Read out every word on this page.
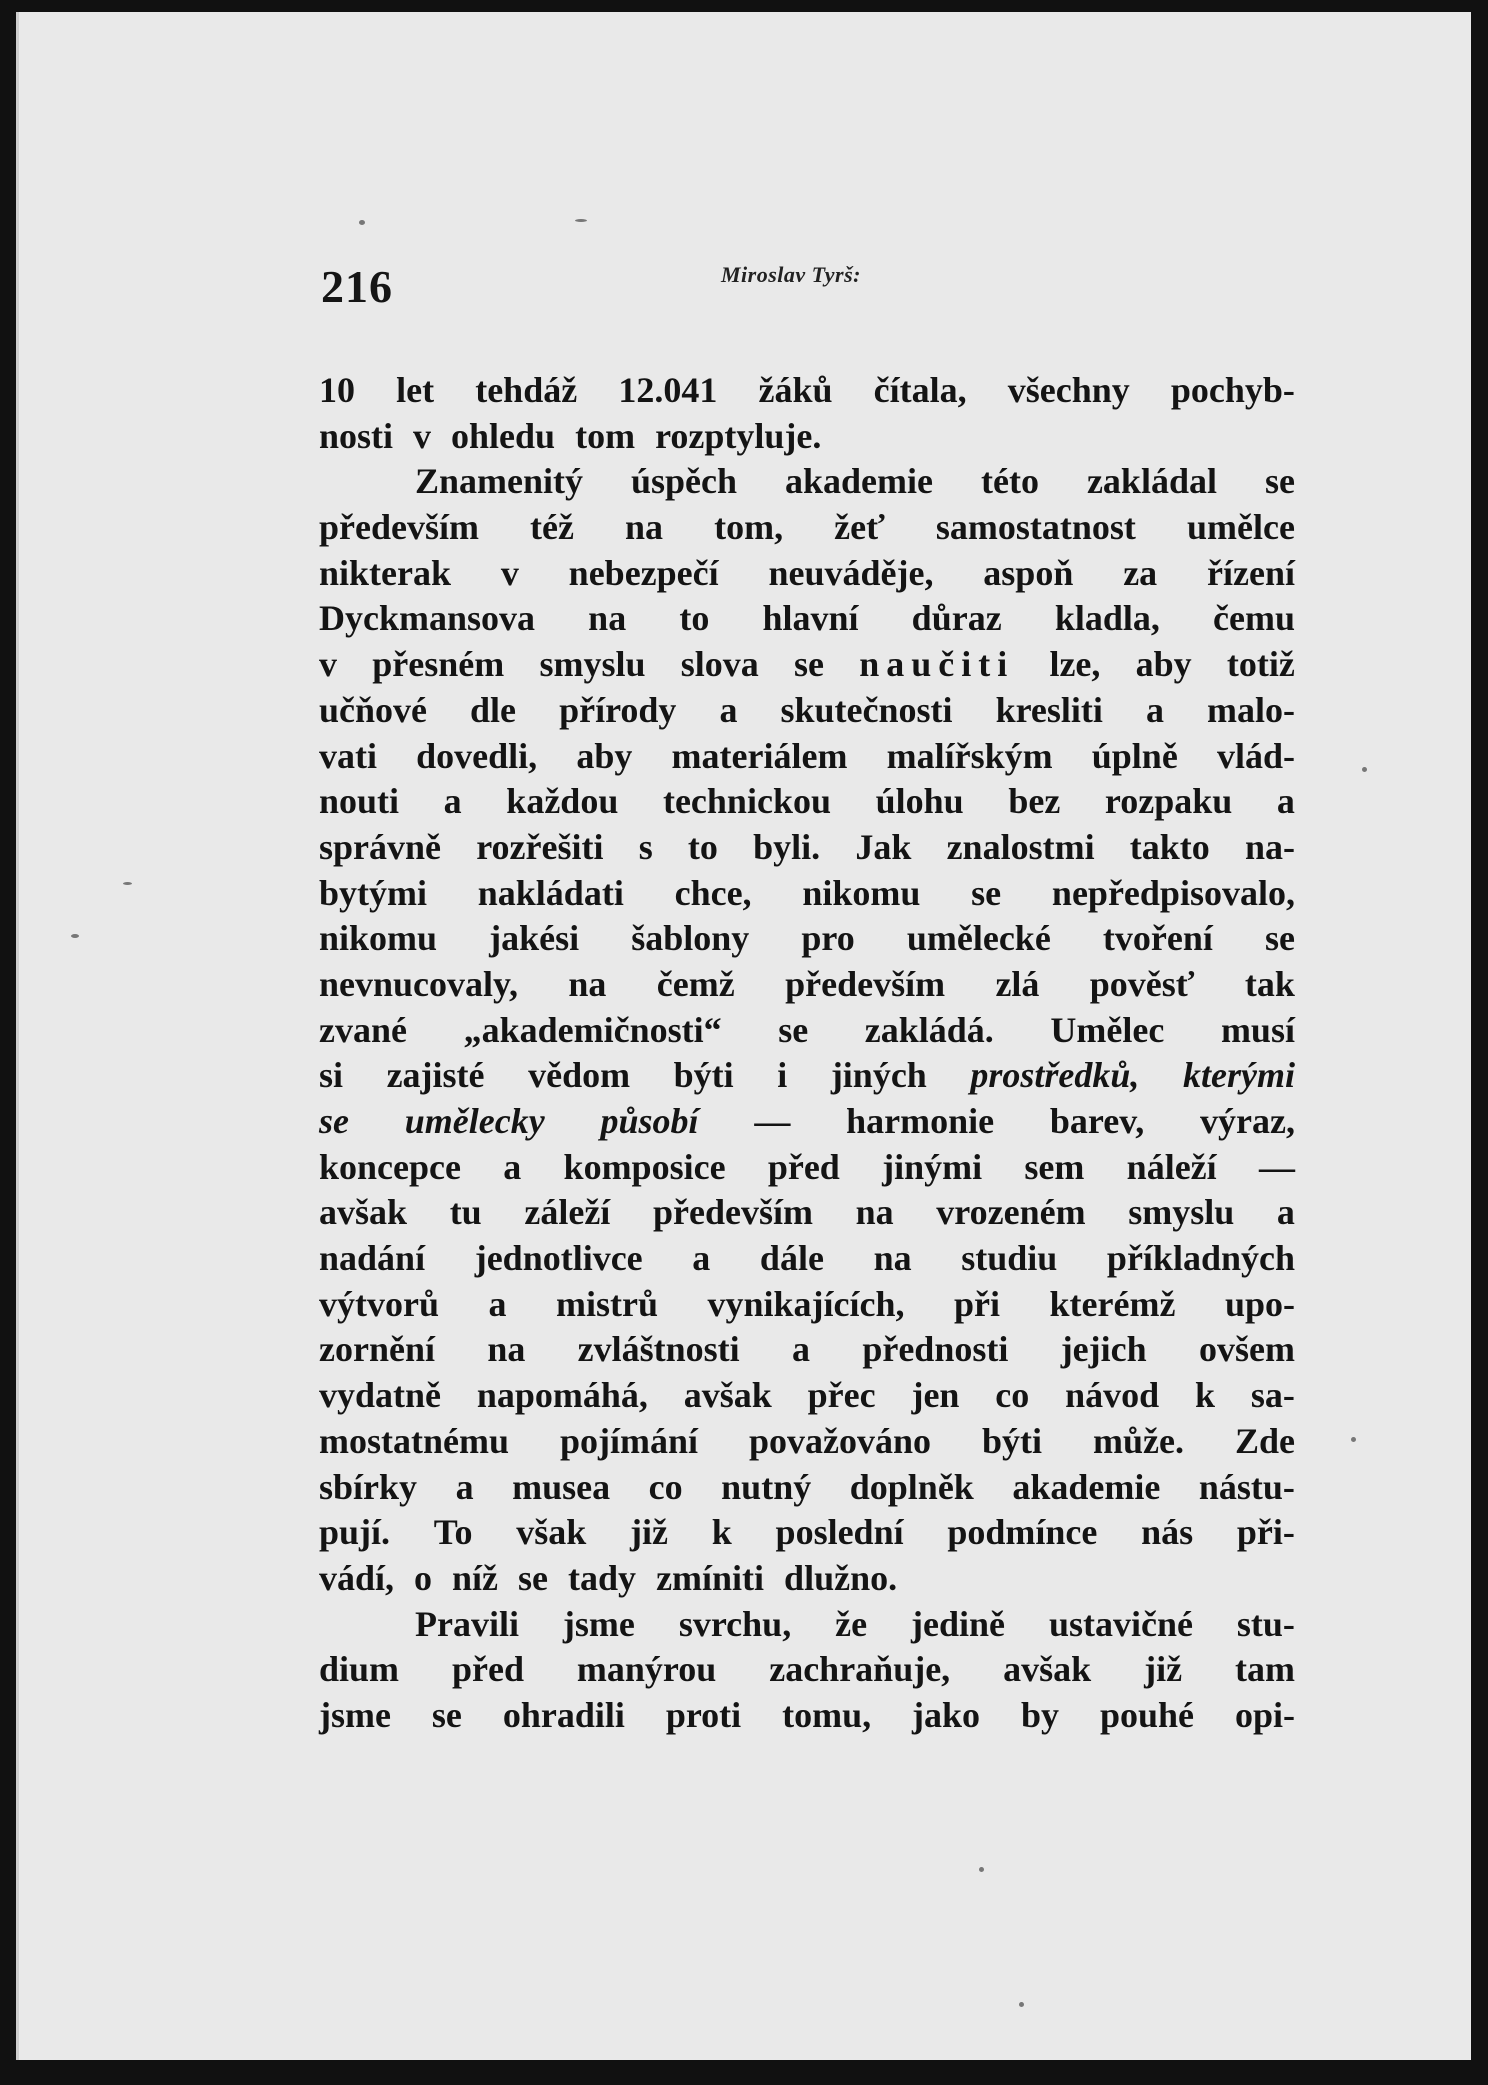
216	Miroslav Tyrš:
10 let tehdáž 12.041 žáků čítala, všechny pochyb-
nosti v ohledu tom rozptyluje.
Znamenitý úspěch akademie této zakládal se
především též na tom, žeť samostatnost umělce
nikterak v nebezpečí neuváděje, aspoň za řízení
Dyckmansova na to hlavní důraz kladla, čemu
v přesném smyslu slova se naučiti lze, aby totiž
učňové dle přírody a skutečnosti kresliti a malo-
vati dovedli, aby materiálem malířským úplně vlád-
nouti a každou technickou úlohu bez rozpaku a
správně rozřešiti s to byli. Jak znalostmi takto na-
bytými nakládati chce, nikomu se nepředpisovalo,
nikomu jakési šablony pro umělecké tvoření se
nevnucovaly, na čemž především zlá pověsť tak
zvané „akademičnosti“ se zakládá. Umělec musí
si zajisté vědom býti i jiných prostředků, kterými
se umělecky působí — harmonie barev, výraz,
koncepce a komposice před jinými sem náleží —
avšak tu záleží především na vrozeném smyslu a
nadání jednotlivce a dále na studiu příkladných
výtvorů a mistrů vynikajících, při kterémž upo-
zornění na zvláštnosti a přednosti jejich ovšem
vydatně napomáhá, avšak přec jen co návod k sa-
mostatnému pojímání považováno býti může. Zde
sbírky a musea co nutný doplněk akademie nástu-
pují. To však již k poslední podmínce nás při-
vádí, o níž se tady zmíniti dlužno.
Pravili jsme svrchu, že jedině ustavičné stu-
dium před manýrou zachraňuje, avšak již tam
jsme se ohradili proti tomu, jako by pouhé opi-
